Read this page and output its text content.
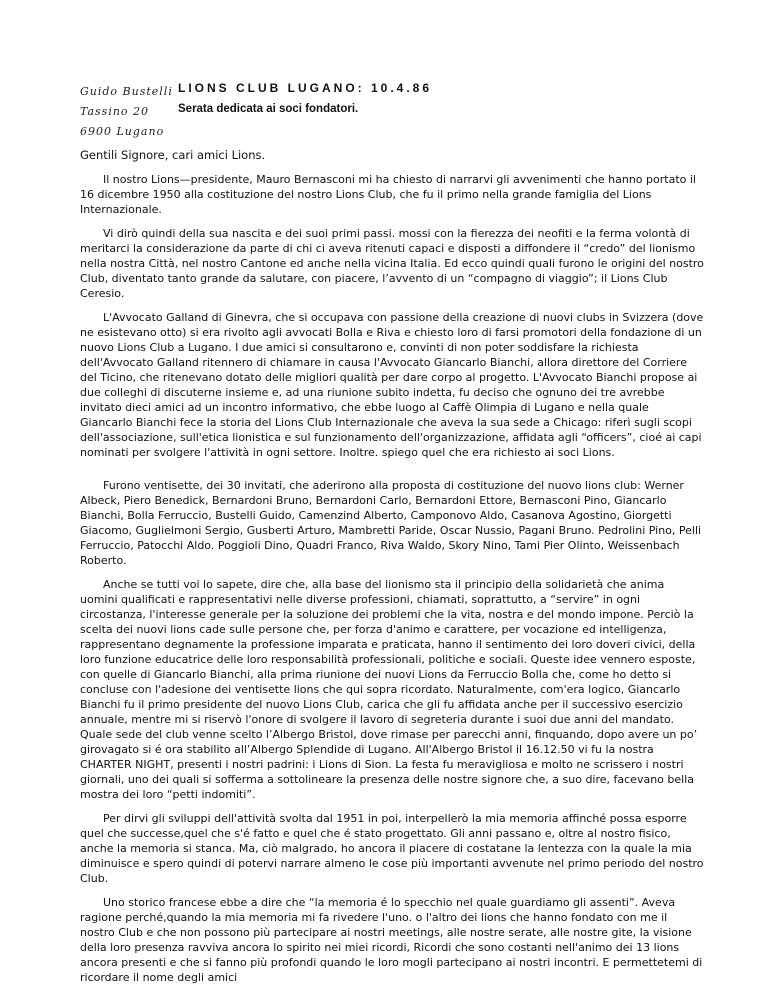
Guido Bustelli
Tassino 20
6900 Lugano
LIONS CLUB LUGANO: 10.4.86
Serata dedicata ai soci fondatori.

Gentili Signore, cari amici Lions.

Il nostro Lions—presidente, Mauro Bernasconi mi ha chiesto di narrarvi gli avvenimenti che hanno portato il 16 dicembre 1950 alla costituzione del nostro Lions Club, che fu il primo nella grande famiglia del Lions Internazionale.

Vi dirò quindi della sua nascita e dei suoi primi passi. mossi con la fierezza dei neofiti e la ferma volontà di meritarci la considerazione da parte di chi ci aveva ritenuti capaci e disposti a diffondere il “credo” del lionismo nella nostra Città, nel nostro Cantone ed anche nella vicina Italia. Ed ecco quindi quali furono le origini del nostro Club, diventato tanto grande da salutare, con piacere, l’avvento di un “compagno di viaggio”; il Lions Club Ceresio.

L'Avvocato Galland di Ginevra, che si occupava con passione della creazione di nuovi clubs in Svizzera (dove ne esistevano otto) si era rivolto agli avvocati Bolla e Riva e chiesto loro di farsi promotori della fondazione di un nuovo Lions Club a Lugano. I due amici si consultarono e, convinti di non poter soddisfare la richiesta dell'Avvocato Galland ritennero di chiamare in causa l'Avvocato Giancarlo Bianchi, allora direttore del Corriere del Ticino, che ritenevano dotato delle migliori qualità per dare corpo al progetto. L'Avvocato Bianchi propose ai due colleghi di discuterne insieme e, ad una riunione subito indetta, fu deciso che ognuno dei tre avrebbe invitato dieci amici ad un incontro informativo, che ebbe luogo al Caffè Olimpia di Lugano e nella quale Giancarlo Bianchi fece la storia del Lions Club Internazionale che aveva la sua sede a Chicago: riferì sugli scopi dell'associazione, sull'etica lionistica e sul funzionamento dell'organizzazione, affidata agli “officers”, cioé ai capi nominati per svolgere l'attività in ogni settore. Inoltre. spiego quel che era richiesto ai soci Lions.

Furono ventisette, dei 30 invitati, che aderirono alla proposta di costituzione del nuovo lions club: Werner Albeck, Piero Benedick, Bernardoni Bruno, Bernardoni Carlo, Bernardoni Ettore, Bernasconi Pino, Giancarlo Bianchi, Bolla Ferruccio, Bustelli Guido, Camenzind Alberto, Camponovo Aldo, Casanova Agostino, Giorgetti Giacomo, Guglielmoni Sergio, Gusberti Arturo, Mambretti Paride, Oscar Nussio, Pagani Bruno. Pedrolini Pino, Pelli Ferruccio, Patocchi Aldo. Poggioli Dino, Quadri Franco, Riva Waldo, Skory Nino, Tami Pier Olinto, Weissenbach Roberto.

Anche se tutti voi lo sapete, dire che, alla base del lionismo sta il principio della solidarietà che anima uomini qualificati e rappresentativi nelle diverse professioni, chiamati, soprattutto, a “servire” in ogni circostanza, l'interesse generale per la soluzione dei problemi che la vita, nostra e del mondo impone. Perciò la scelta dei nuovi lions cade sulle persone che, per forza d'animo e carattere, per vocazione ed intelligenza, rappresentano degnamente la professione imparata e praticata, hanno il sentimento dei loro doveri civici, della loro funzione educatrice delle loro responsabilità professionali, politiche e sociali. Queste idee vennero esposte, con quelle di Giancarlo Bianchi, alla prima riunione dei nuovi Lions da Ferruccio Bolla che, come ho detto si concluse con l'adesione dei ventisette lions che qui sopra ricordato. Naturalmente, com'era logico, Giancarlo Bianchi fu il primo presidente del nuovo Lions Club, carica che gli fu affidata anche per il successivo esercizio annuale, mentre mi si riservò l'onore di svolgere il lavoro di segreteria durante i suoi due anni del mandato. Quale sede del club venne scelto l’Albergo Bristol, dove rimase per parecchi anni, finquando, dopo avere un po’ girovagato si é ora stabilito all’Albergo Splendide di Lugano. All'Albergo Bristol il 16.12.50 vi fu la nostra CHARTER NIGHT, presenti i nostri padrini: i Lions di Sion. La festa fu meravigliosa e molto ne scrissero i nostri giornali, uno dei quali si sofferma a sottolineare la presenza delle nostre signore che, a suo dire, facevano bella mostra dei loro “petti indomiti”.

Per dirvi gli sviluppi dell'attività svolta dal 1951 in poi, interpellerò la mia memoria affinché possa esporre quel che successe,quel che s'é fatto e quel che é stato progettato. Gli anni passano e, oltre al nostro fisico, anche la memoria si stanca. Ma, ciò malgrado, ho ancora il piacere di costatane la lentezza con la quale la mia diminuisce e spero quindi di potervi narrare almeno le cose più importanti avvenute nel primo periodo del nostro Club.

Uno storico francese ebbe a dire che “la memoria é lo specchio nel quale guardiamo gli assenti”. Aveva ragione perché,quando la mia memoria mi fa rivedere l'uno. o l'altro dei lions che hanno fondato con me il nostro Club e che non possono più partecipare ai nostri meetings, alle nostre serate, alle nostre gite, la visione della loro presenza ravviva ancora lo spirito nei miei ricordi, Ricordi che sono costanti nell'animo dei 13 lions ancora presenti e che si fanno più profondi quando le loro mogli partecipano ai nostri incontri. E permettetemi di ricordare il nome degli amici
